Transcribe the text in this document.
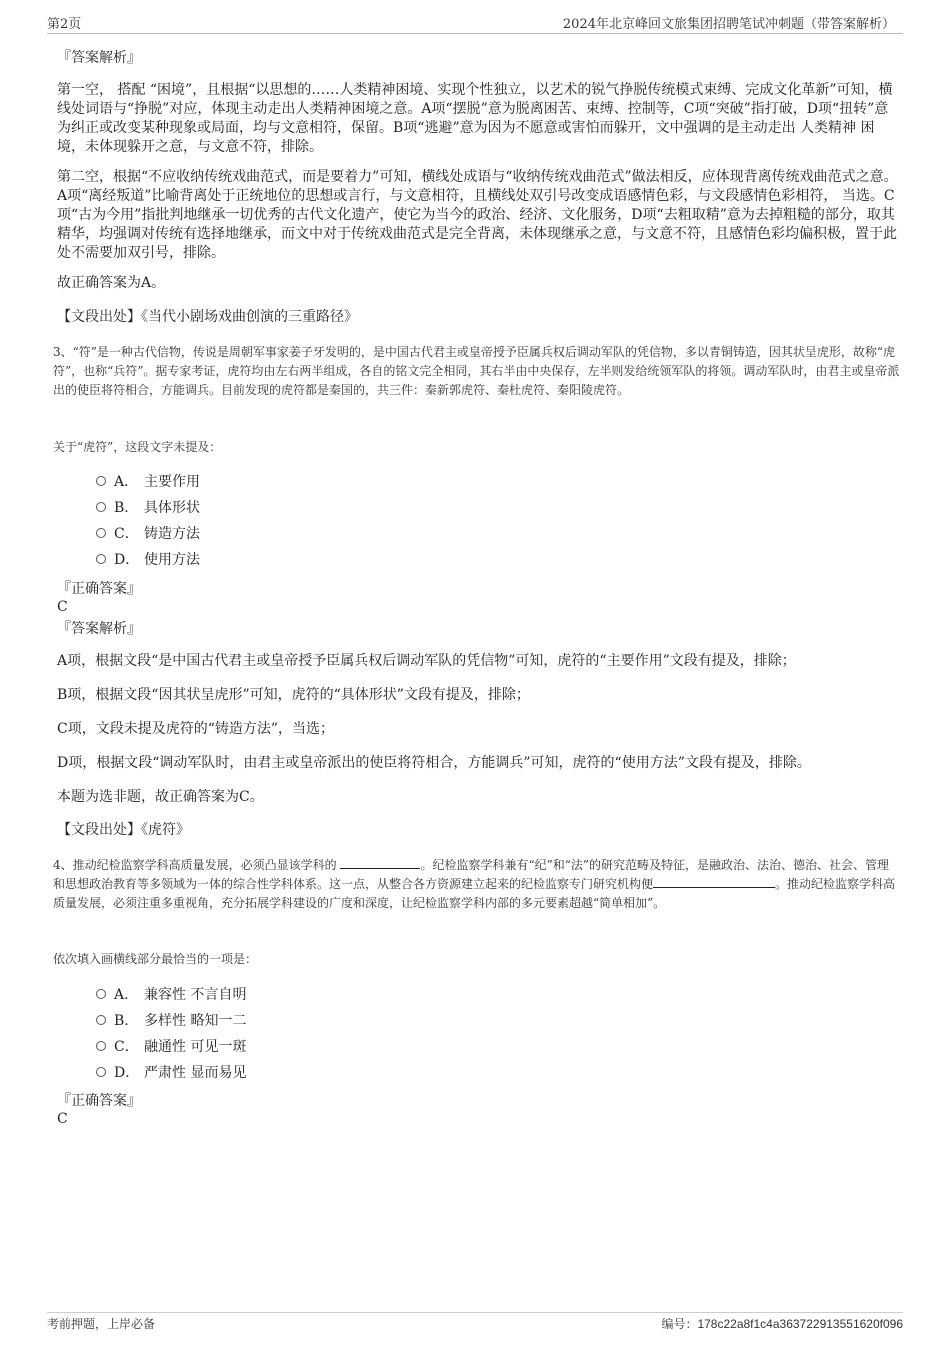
第2页	2024年北京峰回文旅集团招聘笔试冲刺题（带答案解析）

『答案解析』

第一空， 搭配 “困境”，且根据“以思想的……人类精神困境、实现个性独立，以艺术的锐气挣脱传统模式束缚、完成文化革新”可知，横线处词语与“挣脱”对应，体现主动走出人类精神困境之意。A项“摆脱”意为脱离困苦、束缚、控制等，C项“突破”指打破，D项“扭转”意为纠正或改变某种现象或局面，均与文意相符，保留。B项“逃避”意为因为不愿意或害怕而躲开，文中强调的是主动走出 人类精神 困境，未体现躲开之意，与文意不符，排除。

第二空，根据“不应收纳传统戏曲范式，而是要着力”可知，横线处成语与“收纳传统戏曲范式”做法相反，应体现背离传统戏曲范式之意。A项“离经叛道”比喻背离处于正统地位的思想或言行，与文意相符，且横线处双引号改变成语感情色彩，与文段感情色彩相符， 当选。C项“古为今用”指批判地继承一切优秀的古代文化遗产，使它为当今的政治、经济、文化服务，D项“去粗取精”意为去掉粗糙的部分，取其精华，均强调对传统有选择地继承，而文中对于传统戏曲范式是完全背离，未体现继承之意，与文意不符，且感情色彩均偏积极，置于此处不需要加双引号，排除。

故正确答案为A。

【文段出处】《当代小剧场戏曲创演的三重路径》

3、“符”是一种古代信物，传说是周朝军事家姜子牙发明的，是中国古代君主或皇帝授予臣属兵权后调动军队的凭信物，多以青铜铸造，因其状呈虎形，故称“虎符”，也称“兵符”。据专家考证，虎符均由左右两半组成，各自的铭文完全相同，其右半由中央保存，左半则发给统领军队的将领。调动军队时，由君主或皇帝派出的使臣将符相合，方能调兵。目前发现的虎符都是秦国的，共三件：秦新郭虎符、秦杜虎符、秦阳陵虎符。

关于“虎符”，这段文字未提及：

A． 主要作用
B. 具体形状
C． 铸造方法
D． 使用方法

『正确答案』

C

『答案解析』

A项，根据文段“是中国古代君主或皇帝授予臣属兵权后调动军队的凭信物”可知，虎符的“主要作用”文段有提及，排除；

B项，根据文段“因其状呈虎形”可知，虎符的“具体形状”文段有提及，排除；

C项，文段未提及虎符的“铸造方法”，当选；

D项，根据文段“调动军队时，由君主或皇帝派出的使臣将符相合，方能调兵”可知，虎符的“使用方法”文段有提及，排除。

本题为选非题，故正确答案为C。

【文段出处】《虎符》

4、推动纪检监察学科高质量发展，必须凸显该学科的	。纪检监察学科兼有“纪”和“法”的研究范畴及特征，是融政治、法治、德治、社会、管理和思想政治教育等多领域为一体的综合性学科体系。这一点，从整合各方资源建立起来的纪检监察专门研究机构便	。推动纪检监察学科高质量发展，必须注重多重视角，充分拓展学科建设的广度和深度，让纪检监察学科内部的多元要素超越“简单相加”。

依次填入画横线部分最恰当的一项是：

A． 兼容性 不言自明
B. 多样性 略知一二
C． 融通性 可见一斑
D． 严肃性 显而易见

『正确答案』

C

考前押题，上岸必备	编号：178c22a8f1c4a363722913551620f096
